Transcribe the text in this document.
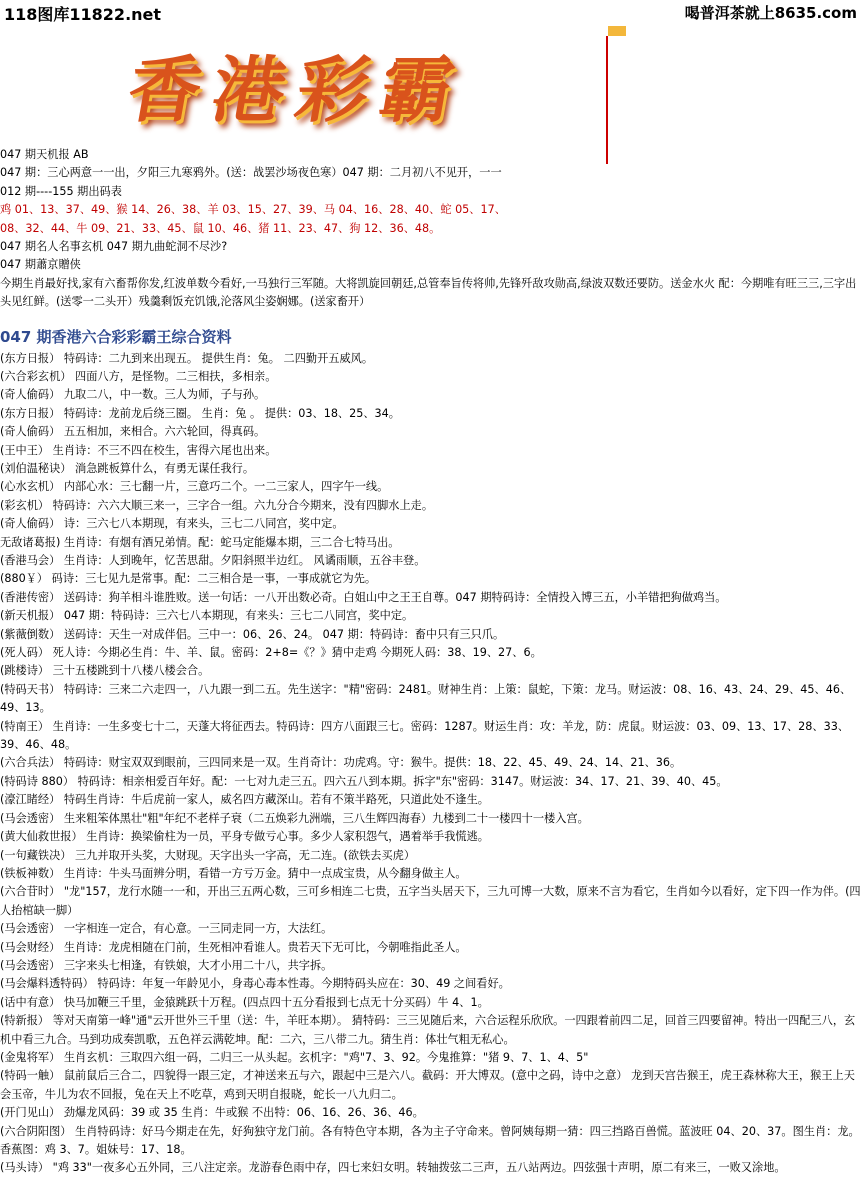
118图库11822.net	喝普洱茶就上8635.com
香港彩霸
047 期天机报 AB
047 期：三心两意一一出，夕阳三九寒鸦外。(送：战罢沙场夜色寒）047 期：二月初八不见开，一一
012 期----155 期出码表
鸡 01、13、37、49、猴 14、26、38、羊 03、15、27、39、马 04、16、28、40、蛇 05、17、
08、32、44、牛 09、21、33、45、鼠 10、46、猪 11、23、47、狗 12、36、48。
047 期名人名事玄机 047 期九曲蛇洞不尽沙?
047 期蕭京贈侠
今期生肖最好找,家有六畜帮你发,红波单数今看好,一马独行三军随。大将凯旋回朝廷,总管奉旨传将帅,先锋歼敌攻勋高,绿波双数还要防。送金水火 配：今期唯有旺三三,三字出头见红鲜。(送零一二头开）残羹剩饭充饥饿,沦落风尘姿娴娜。(送家畜开）
047 期香港六合彩彩霸王综合资料
(东方日报） 特码诗：二九到来出现五。 提供生肖：兔。 二四勤开五威风。
(六合彩玄机） 四面八方，是怪物。二三相扶，多相亲。
(奇人偷码） 九取二八，中一数。三人为师，子与孙。
(东方日报） 特码诗：龙前龙后绕三圈。 生肖：兔 。 提供：03、18、25、34。
(奇人偷码） 五五相加，来相合。六六轮回，得真码。
(王中王） 生肖诗：不三不四在校生，害得六尾也出来。
(刘伯温秘诀） 淌急跳板算什么，有勇无谋任我行。
(心水玄机） 内部心水：三七翻一片，三意巧二个。一二三家人，四字午一线。
(彩玄机） 特码诗：六六大顺三来一，三字合一组。六九分合今期来，没有四脚水上走。
(奇人偷码） 诗：三六七八本期现，有来头，三七二八同宫，奖中定。
无敌诸葛报) 生肖诗：有烟有酒兄弟情。配：蛇马定能爆本期，三二合七特马出。
(香港马会） 生肖诗：人到晚年，忆苦思甜。夕阳斜照半边红。 风谲雨顺，五谷丰登。
(880￥） 码诗：三七见九是常事。配：二三相合是一事，一事成就它为先。
(香港传密） 送码诗：狗羊相斗谁胜败。送一句话：一八开出数必奇。白姐山中之王王自尊。047 期特码诗：全情投入博三五，小羊错把狗做鸡当。
(新天机报） 047 期：特码诗：三六七八本期现，有来头：三七二八同宫，奖中定。
(紫薇倒数） 送码诗：天生一对成伴侣。三中一：06、26、24。 047 期：特码诗：畜中只有三只爪。
(死人码） 死人诗：今期必生肖：牛、羊、鼠。密码：2+8=《？》猜中走鸡 今期死人码：38、19、27、6。
(跳楼诗） 三十五楼跳到十八楼八楼会合。
(特码天书） 特码诗：三来二六走四一，八九跟一到二五。先生送字："精"密码：2481。财神生肖：上策：鼠蛇，下策：龙马。财运波：08、16、43、24、29、45、46、49、13。
(特南王） 生肖诗：一生多变七十二，天蓬大将征西去。特码诗：四方八面跟三七。密码：1287。财运生肖：攻：羊龙，防：虎鼠。财运波：03、09、13、17、28、33、39、46、48。
(六合兵法） 特码诗：财宝双双到眼前，三四同来是一双。生肖奇计：功虎鸡。守：猴牛。提供：18、22、45、49、24、14、21、36。
(特码诗 880） 特码诗：相亲相爱百年好。配：一七对九走三五。四六五八到本期。拆字"东"密码：3147。财运波：34、17、21、39、40、45。
(濠江睹经） 特码生肖诗：牛后虎前一家人，威名四方藏深山。若有不策半路死，只道此处不逢生。
(马会透密） 生来粗笨体黑壮"粗"年纪不老样子衰（二五焕彩九洲端，三八生辉四海春）九楼到二十一楼四十一楼入宫。
(黄大仙救世报） 生肖诗：换梁偷柱为一员，平身专做亏心事。多少人家积怨气，遇着举手我慌逃。
(一句藏铁决） 三九并取开头奖，大财现。天字出头一字高，无二连。(欲铁去买虎）
(铁板神数） 生肖诗：牛头马面辨分明，看错一方亏万金。猜中一点成宝贵，从今翻身做主人。
(六合苷时） "龙"157，龙行水随一一和，开出三五两心数，三可乡相连二七贵，五字当头居天下，三九可博一大数，原来不言为看它，生肖如今以看好，定下四一作为伴。(四人抬棺缺一脚）
(马会透密） 一字相连一定合，有心意。一三同走同一方，大法红。
(马会财经） 生肖诗：龙虎相随在门前，生死相冲看谁人。贵若天下无可比，今朝唯指此圣人。
(马会透密） 三字来头七相逢，有铁娘，大才小用二十八，共字拆。
(马会爆料透特码） 特码诗：年复一年龄见小，身毒心毒本性毒。今期特码头应在：30、49 之间看好。
(话中有意） 快马加鞭三千里，金猿跳跃十万程。(四点四十五分看报到七点无十分买码）牛 4、1。
(特新报） 等对天南第一峰"通"云开世外三千里（送：牛，羊旺本期）。 猜特码：三三见随后来，六合运程乐欣欣。一四跟着前四二足，回首三四要留神。特出一四配三八，玄机中看三九合。马到功成奏凯歌，五色祥云满乾坤。配：二六，三八带二九。猜生肖：体壮气粗无私心。
(金鬼将军） 生肖玄机：三取四六组一码，二归三一从头起。玄机字："鸡"7、3、92。今鬼推算："猪 9、7、1、4、5"
(特码一触） 鼠前鼠后三合二，四貌得一跟三定，才神送来五与六，跟起中三是六八。截码：开大博双。(意中之码，诗中之意） 龙到天宫告猴王，虎王森林称大王，猴王上天会玉帝，牛儿为农不回报，兔在天上不吃草，鸡到天明自报晓，蛇长一八九归二。
(开门见山） 劲爆龙风码：39 或 35 生肖：牛或猴 不出特：06、16、26、36、46。
(六合阴阳图） 生肖特码诗：好马今期走在先，好狗独守龙门前。各有特色守本期，各为主子守命来。曾阿姨每期一猜：四三挡路百兽慌。蓝波旺 04、20、37。图生肖：龙。香蕉图：鸡 3、7。姐妹号：17、18。
(马头诗） "鸡 33"一夜多心五外同，三八注定亲。龙游春色雨中存，四七来妇女明。转轴拨弦二三声，五八站两边。四弦强十声明，原二有来三，一败又涂地。
